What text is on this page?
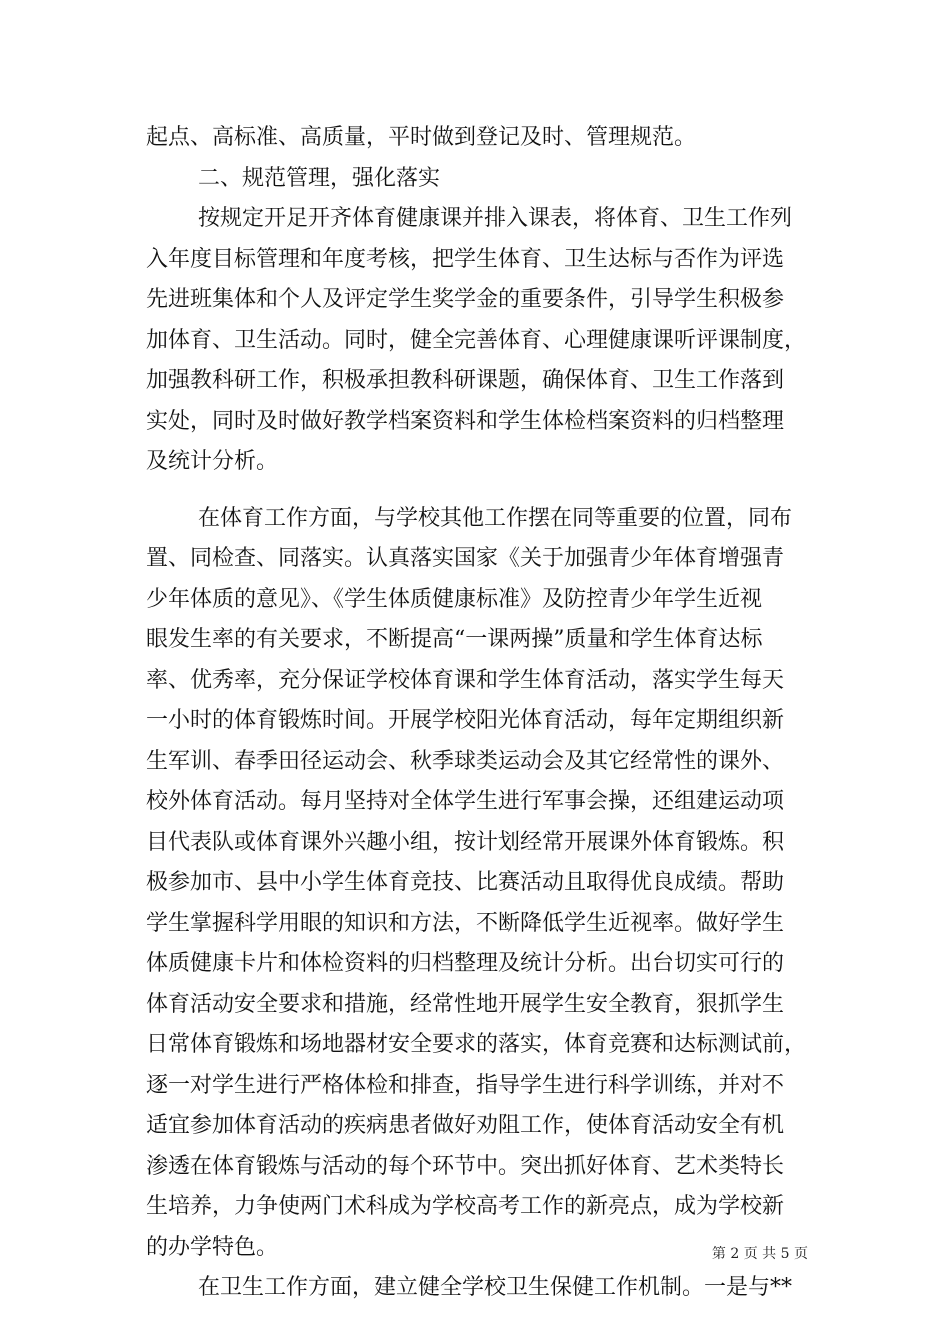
起点、高标准、高质量，平时做到登记及时、管理规范。
二、规范管理，强化落实
按规定开足开齐体育健康课并排入课表，将体育、卫生工作列
入年度目标管理和年度考核，把学生体育、卫生达标与否作为评选
先进班集体和个人及评定学生奖学金的重要条件，引导学生积极参
加体育、卫生活动。同时，健全完善体育、心理健康课听评课制度，
加强教科研工作，积极承担教科研课题，确保体育、卫生工作落到
实处，同时及时做好教学档案资料和学生体检档案资料的归档整理
及统计分析。
在体育工作方面，与学校其他工作摆在同等重要的位置，同布
置、同检查、同落实。认真落实国家《关于加强青少年体育增强青
少年体质的意见》、《学生体质健康标准》及防控青少年学生近视
眼发生率的有关要求，不断提高“一课两操”质量和学生体育达标
率、优秀率，充分保证学校体育课和学生体育活动，落实学生每天
一小时的体育锻炼时间。开展学校阳光体育活动，每年定期组织新
生军训、春季田径运动会、秋季球类运动会及其它经常性的课外、
校外体育活动。每月坚持对全体学生进行军事会操，还组建运动项
目代表队或体育课外兴趣小组，按计划经常开展课外体育锻炼。积
极参加市、县中小学生体育竞技、比赛活动且取得优良成绩。帮助
学生掌握科学用眼的知识和方法，不断降低学生近视率。做好学生
体质健康卡片和体检资料的归档整理及统计分析。出台切实可行的
体育活动安全要求和措施，经常性地开展学生安全教育，狠抓学生
日常体育锻炼和场地器材安全要求的落实，体育竞赛和达标测试前，
逐一对学生进行严格体检和排查，指导学生进行科学训练，并对不
适宜参加体育活动的疾病患者做好劝阻工作，使体育活动安全有机
渗透在体育锻炼与活动的每个环节中。突出抓好体育、艺术类特长
生培养，力争使两门术科成为学校高考工作的新亮点，成为学校新
的办学特色。
在卫生工作方面，建立健全学校卫生保健工作机制。一是与**
第 2 页 共 5 页
